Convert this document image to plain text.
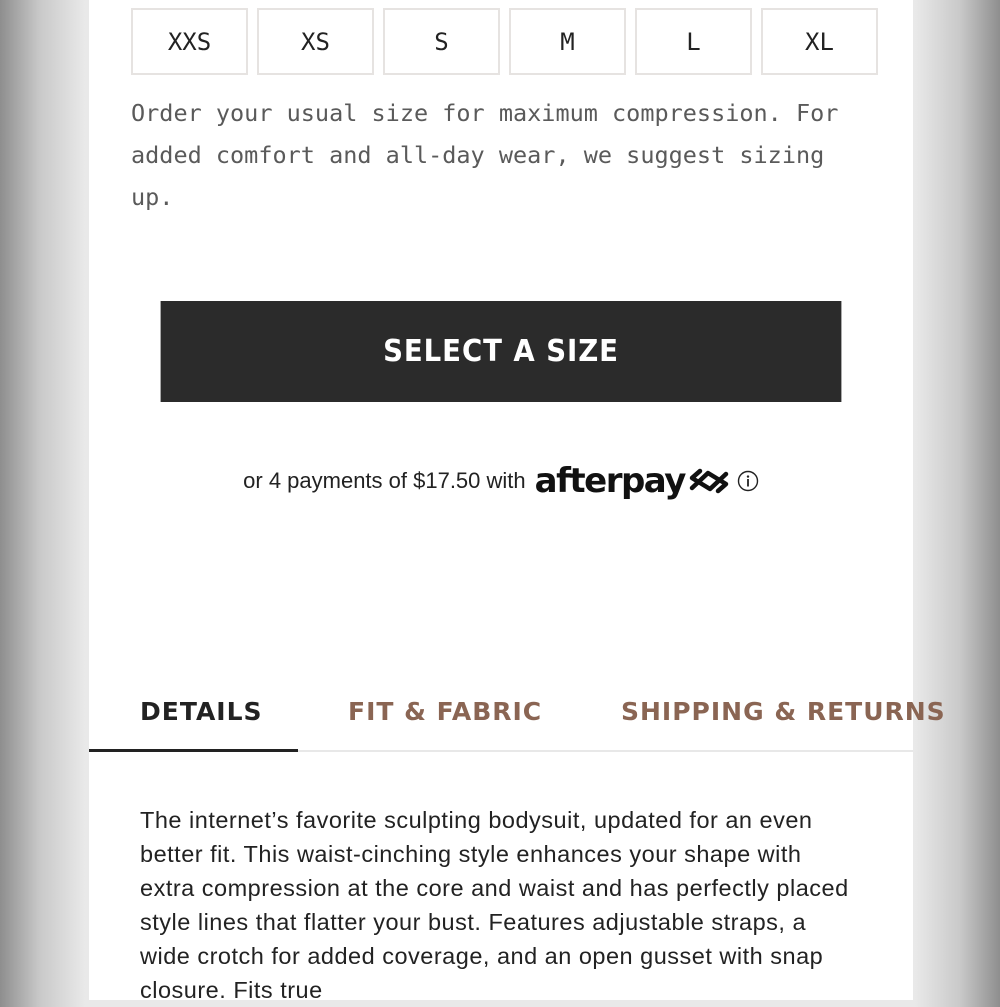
XXS	XS	S	M	L	XL

Order your usual size for maximum compression. For added comfort and all-day wear, we suggest sizing up.

SELECT A SIZE
or 4 payments of $17.50 with afterpay
DETAILS	FIT & FABRIC	SHIPPING & RETURNS

The internet’s favorite sculpting bodysuit, updated for an even better fit. This waist-cinching style enhances your shape with extra compression at the core and waist and has perfectly placed style lines that flatter your bust. Features adjustable straps, a wide crotch for added coverage, and an open gusset with snap closure. Fits true
